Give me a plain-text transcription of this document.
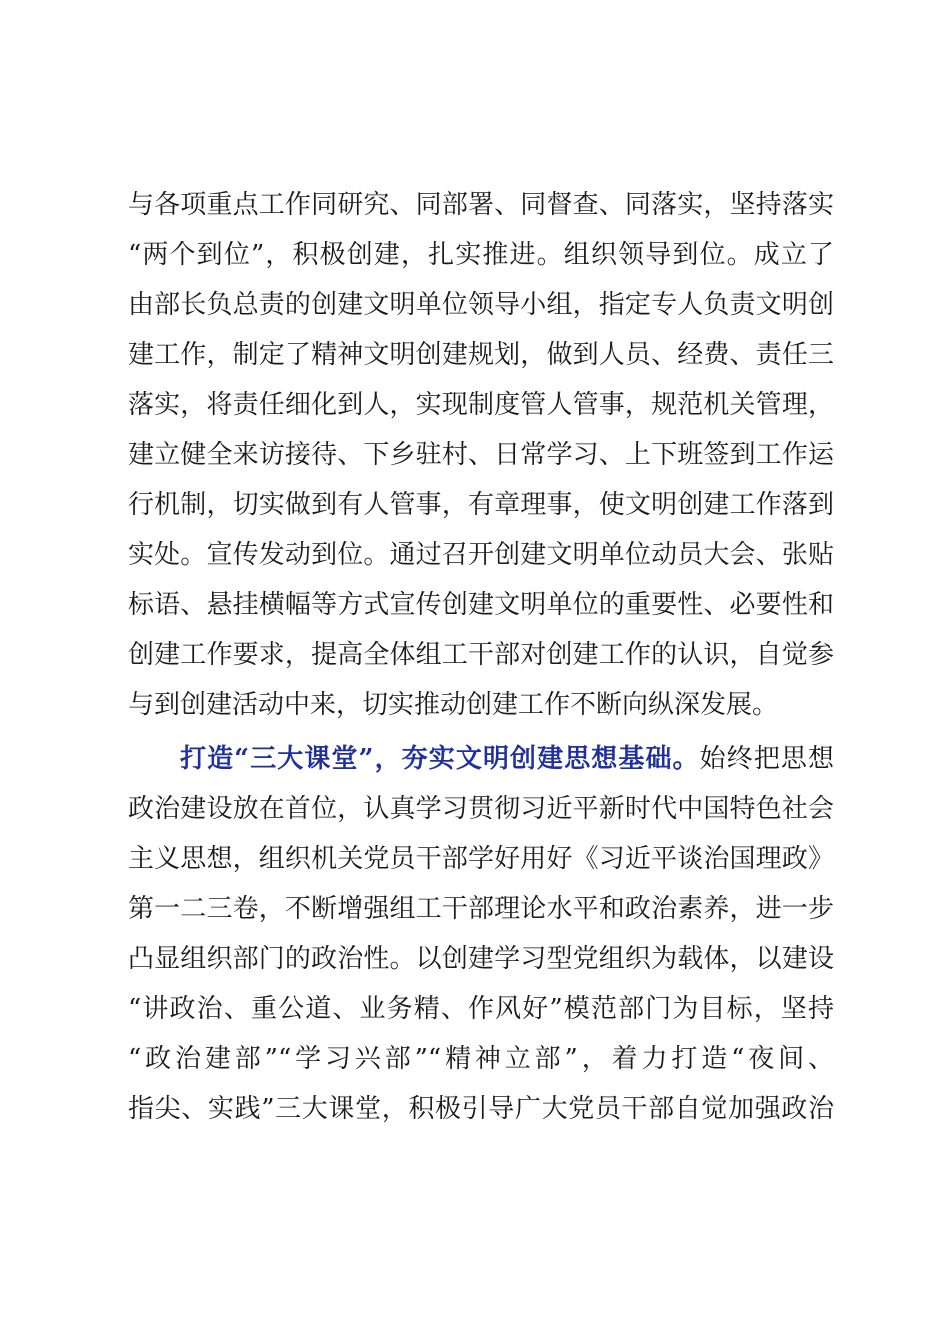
与各项重点工作同研究、同部署、同督查、同落实，坚持落实
“两个到位”，积极创建，扎实推进。组织领导到位。成立了
由部长负总责的创建文明单位领导小组，指定专人负责文明创
建工作，制定了精神文明创建规划，做到人员、经费、责任三
落实，将责任细化到人，实现制度管人管事，规范机关管理，
建立健全来访接待、下乡驻村、日常学习、上下班签到工作运
行机制，切实做到有人管事，有章理事，使文明创建工作落到
实处。宣传发动到位。通过召开创建文明单位动员大会、张贴
标语、悬挂横幅等方式宣传创建文明单位的重要性、必要性和
创建工作要求，提高全体组工干部对创建工作的认识，自觉参
与到创建活动中来，切实推动创建工作不断向纵深发展。
打造“三大课堂”，夯实文明创建思想基础。始终把思想
政治建设放在首位，认真学习贯彻习近平新时代中国特色社会
主义思想，组织机关党员干部学好用好《习近平谈治国理政》
第一二三卷，不断增强组工干部理论水平和政治素养，进一步
凸显组织部门的政治性。以创建学习型党组织为载体，以建设
“讲政治、重公道、业务精、作风好”模范部门为目标，坚持
“政治建部”“学习兴部”“精神立部”，着力打造“夜间、
指尖、实践”三大课堂，积极引导广大党员干部自觉加强政治
